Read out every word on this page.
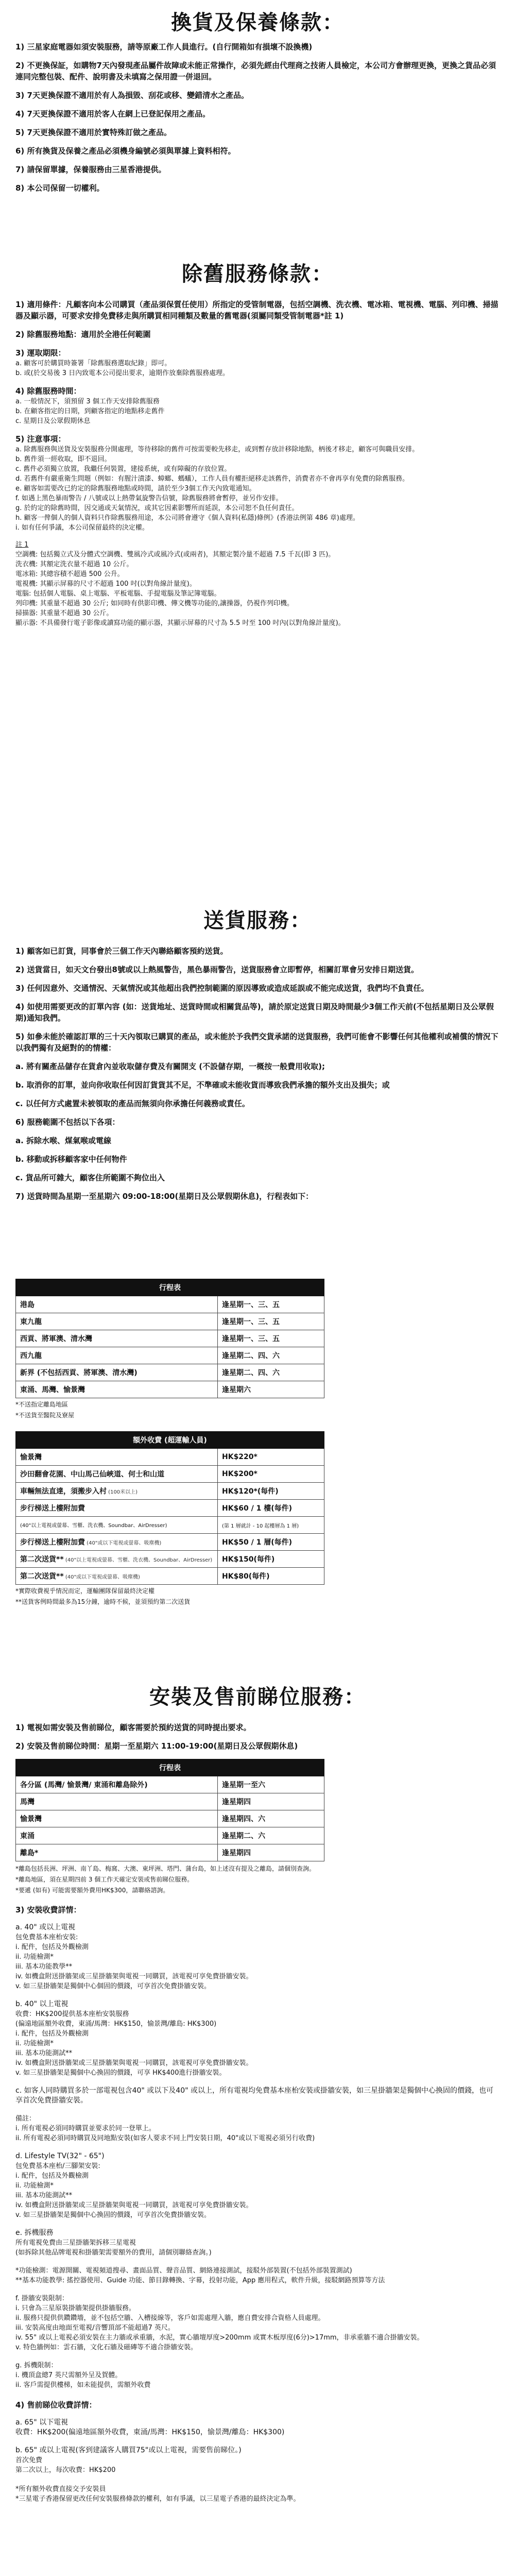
換貨及保養條款：

1) 三星家庭電器如須安裝服務，請等原廠工作人員進行。(自行開箱如有損壞不設換機)

2) 不更換保証，如購物7天內發現產品屬件故障或未能正常操作，必須先經由代理商之技術人員檢定，本公司方會辦理更換，更換之貨品必須連同完整包裝、配件、說明書及未填寫之保用證一併退回。

3) 7天更換保證不適用於有人為損毀、刮花或移、變錯清水之產品。

4) 7天更換保證不適用於客人在網上已登記保用之產品。

5) 7天更換保證不適用於實特殊訂做之產品。

6) 所有換貨及保養之產品必須機身編號必須與單據上資料相符。

7) 請保留單據，保養服務由三星香港提供。

8) 本公司保留一切權利。

除舊服務條款：

1) 適用條件：凡顧客向本公司購買（產品須保質任使用）所指定的受管制電器，包括空調機、洗衣機、電冰箱、電視機、電腦、列印機、掃描器及顯示器，可要求安排免費移走與所購買相同種類及數量的舊電器(須屬同類受管制電器*註 1)

2) 除舊服務地點：適用於全港任何範圍

3) 運取期限：

a. 顧客可於購買時簽署「除舊服務選取紀錄」即可。

b. 或(於交易後 3 日內致電本公司提出要求，逾期作放棄除舊服務處理。

4) 除舊服務時間：

a. 一般情況下，須預留 3 個工作天安排除舊服務

b. 在顧客指定的日期，到顧客指定的地點移走舊件

c. 星期日及公眾假期休息

5) 注意事項：

a. 除舊服務與送貨及安裝服務分開處理，等待移除的舊件可按需要較先移走，或到暫存放計移除地點，柄後才移走，顧客可與職員安排。

b. 舊件須一經收取，即不退回。

c. 舊件必須獨立放置，我繼任何裝置，建接系統，或有障礙的存放位置。

d. 若舊件有嚴重衛生問題（例如：有腥汁漬漆、蟑螂、螞蟻），工作人員有權拒絕移走該舊件，消費者亦不會再享有免費的除舊服務。

e. 顧客如需要改已約定的除舊服務地點或時間，請於至少3個工作天內致電通知。

f. 如遇上黑色暴雨警告 / 八號或以上熱帶氣旋警告信號，除舊服務將會暫停，並另作安排。

g. 於約定的除舊時間，因交通或天氣情況，或其它因素影響所而延誤，本公司恕不負任何責任。

h. 顧客一俾個人的個人資料只作除舊服務用途，本公司將會遵守《個人資料(私隱)條例》(香港法例第 486 章)處理。

i. 如有任何爭議，本公司保留最終的決定權。

註 1

空調機: 包括獨立式及分體式空調機、雙風冷式或風冷式(或兩者)，其額定製冷量不超過 7.5 千瓦(即 3 匹)。

洗衣機: 其額定洗衣量不超過 10 公斤。

電冰箱: 其總容積不超過 500 公升。

電視機: 其顯示屏幕的尺寸不超過 100 吋(以對角線計量度)。

電腦: 包括個人電腦、桌上電腦、平板電腦、手提電腦及筆記簿電腦。

列印機: 其重量不超過 30 公斤; 如同時有供影印機、傳文機等功能的,讓操器，仍視作列印機。

掃描器: 其重量不超過 30 公斤。

顯示器: 不具備發行電子影像或讀寫功能的顯示器，其顯示屏幕的尺寸為 5.5 吋至 100 吋內(以對角線計量度)。

送貨服務：

1) 顧客如已訂貨，同事會於三個工作天內聯絡顧客預約送貨。

2) 送貨當日，如天文台發出8號或以上熱風警告，黑色暴雨警告，送貨服務會立即暫停，相關訂單會另安排日期送貨。

3) 任何因意外、交通情況、天氣情況或其他超出我們控制範圍的原因導致或造成延誤或不能完成送貨，我們均不負責任。

4) 如使用需要更改的訂單內容 (如：送貨地址、送貨時間或相關貨品等)，請於原定送貨日期及時間最少3個工作天前(不包括星期日及公眾假期)通知我們。

5) 如參未能於確認訂單的三十天內領取已購買的產品，或未能於予我們交貨承諾的送貨服務，我們可能會不影響任何其他權利或補償的情況下以我們獨有及絕對的的情權：

a. 將有關產品儲存在貨倉內並收取儲存費及有關開支 (不設儲存期，一概按一般費用收取);

b. 取消你的訂單，並向你收取任何因訂貨貨其不足，不準確或未能收貨而導致我們承擔的額外支出及損失；或

c. 以任何方式處置未被領取的產品而無須向你承擔任何義務或責任。

6) 服務範圍不包括以下各項：

a. 拆除水喉、煤氣喉或電線

b. 移動或拆移顧客家中任何物件

c. 貨品所可雜大，顧客住所範圍不夠位出入

7) 送貨時間為星期一至星期六 09:00-18:00(星期日及公眾假期休息)，行程表如下：

行程表	
港島	逢星期一、三、五
東九龍	逢星期一、三、五
西貢、將軍澳、清水灣	逢星期一、三、五
西九龍	逢星期二、四、六
新界 (不包括西貢、將軍澳、清水灣)	逢星期二、四、六
東涌、馬灣、愉景灣	逢星期六

*不送指定離島地區

*不送貨至醫院及寮屋

額外收費 (超運輸人員)	
愉景灣	HK$220*
沙田翻會花園、中山馬己仙峽道、何士和山道	HK$200*
車輛無法直達，須搬步入村 (100米以上)	HK$120*(每件)
步行梯送上樓附加費	HK$60 / 1 樓(每件)
(40"以上電視或螢幕、雪櫃、洗衣機、Soundbar、AirDresser)	(第 1 層就計 - 10 起樓層為 1 層)
步行梯送上樓附加費 (40"或以下電視或螢幕、吸塵機)	HK$50 / 1 層(每件)
第二次送貨** (40"以上電視或螢幕、雪櫃、洗衣機、Soundbar、AirDresser)	HK$150(每件)
第二次送貨** (40"或以下電視或螢幕、吸塵機)	HK$80(每件)

*實際收費視乎情況而定，運輸團隊保留最終決定權

**送貨客例時間最多為15分鐘，逾時不候，並須預約第二次送貨

安裝及售前睇位服務：

1) 電視如需安裝及售前睇位，顧客需要於預約送貨的同時提出要求。

2) 安裝及售前睇位時間：星期一至星期六 11:00-19:00(星期日及公眾假期休息)

行程表	
各分區 (馬灣/ 愉景灣/ 東涌和離島除外)	逢星期一至六
馬灣	逢星期四
愉景灣	逢星期四、六
東涌	逢星期二、六
離島*	逢星期四

*離島包括長洲、坪洲、南丫島、梅窩、大澳、東坪洲、塔門、蒲台島，如上述沒有提及之離島，請個別查詢。

*離島地區，須在星期四前 3 個工作天確定安裝或售前睇位服務。

*要遞 (如有) 可能需要額外費用HK$300，請聯絡諮詢。

3) 安裝收費詳情：

a. 40" 或以上電視

包免費基本座枱安裝:

i. 配件，包括及外觀檢測

ii. 功能檢測*

iii. 基本功能教學**

iv. 如機盒附送掛牆架或三星掛牆架與電視一同購買，該電視可享免費掛牆安裝。

v. 如三星掛牆架是獨個中心個固的價錢，可享首次免費掛牆安裝。

b. 40" 以上電視

收費：HK$200提供基本座枱安裝服務

(偏遠地區額外收費，東涌/馬灣：HK$150，愉景灣/離島: HK$300)

i. 配件，包括及外觀檢測

ii. 功能檢測*

iii. 基本功能測試**

iv. 如機盒附送掛牆架或三星掛牆架與電視一同購買，該電視可享免費掛牆安裝。

v. 如三星掛牆架是獨個中心換固的價錢，可享 HK$400進行掛牆安裝。

c. 如客人同時購買多於一部電視包含40" 或以下及40" 或以上，所有電視均免費基本座枱安裝或掛牆安裝，如三星掛牆架是獨個中心換固的價錢，也可享首次免費掛牆安裝。

備註：

i. 所有電視必須同時購買並要求於同一登單上。

ii. 所有電視必須同時購買及同地點安裝(如客人要求不同上門安裝日期，40"或以下電視必須另行收費)

d. Lifestyle TV(32" - 65")

包免費基本座枱/三腳架安裝:

i. 配件，包括及外觀檢測

ii. 功能檢測*

iii. 基本功能測試**

iv. 如機盒附送掛牆架或三星掛牆架與電視一同購買，該電視可享免費掛牆安裝。

v. 如三星掛牆架是獨個中心換固的價錢，可享首次免費掛牆安裝。

e. 拆機服務

所有電視免費由三星掛牆架拆移三星電視

(如拆除其他品牌電視和掛牆架需要額外的費用，請個別聯絡查詢。)

*功能檢測：電源開關、電視頻道搜尋、畫面品質、聲音品質、網絡連接測試，接駁外部裝置(不包括外部裝置測試)

**基本功能教學: 搖控器使用、Guide 功能、節目錄轉換、字幕，投射功能，App 應用程式，軟件升級，接駁網路預算等方法

f. 掛牆安裝限制：

i. 只會為三星原裝掛牆架提供掛牆服務。

ii. 服務只提供供鑽鑽墻，並不包括空牆、入槽接線等，客戶如需處理入牆，應自費安排合資格人員處理。

iii. 安裝高度由地面至電視/音響頂部不能超過7 英尺。

iv. 55" 或以上電視必須安裝在主力牆或承重牆，水泥，實心牆壇厚度>200mm 或實木板厚度(6分)>17mm，非承重牆不適合掛牆安裝。

v. 特色牆例如：雲石牆，文化石牆及磁磚等不適合掛牆安裝。

g. 拆機限制：

i. 機頂盒總7 英尺需額外呈及賀體。

ii. 客戶需提供樓梯，如未能提供，需額外收費

4) 售前睇位收費詳情：

a. 65" 以下電視

收費：HK$200(偏遠地區額外收費，東涌/馬灣：HK$150，愉景灣/離島：HK$300)

b. 65" 或以上電視(客到建議客人購買75"或以上電視，需要售前睇位。)

首次免費

第二次以上，每次收費：HK$200

*所有額外收費直接交予安裝員

*三星電子香港保留更改任何安裝服務條款的權利，如有爭議，以三星電子香港的最終決定為準。
